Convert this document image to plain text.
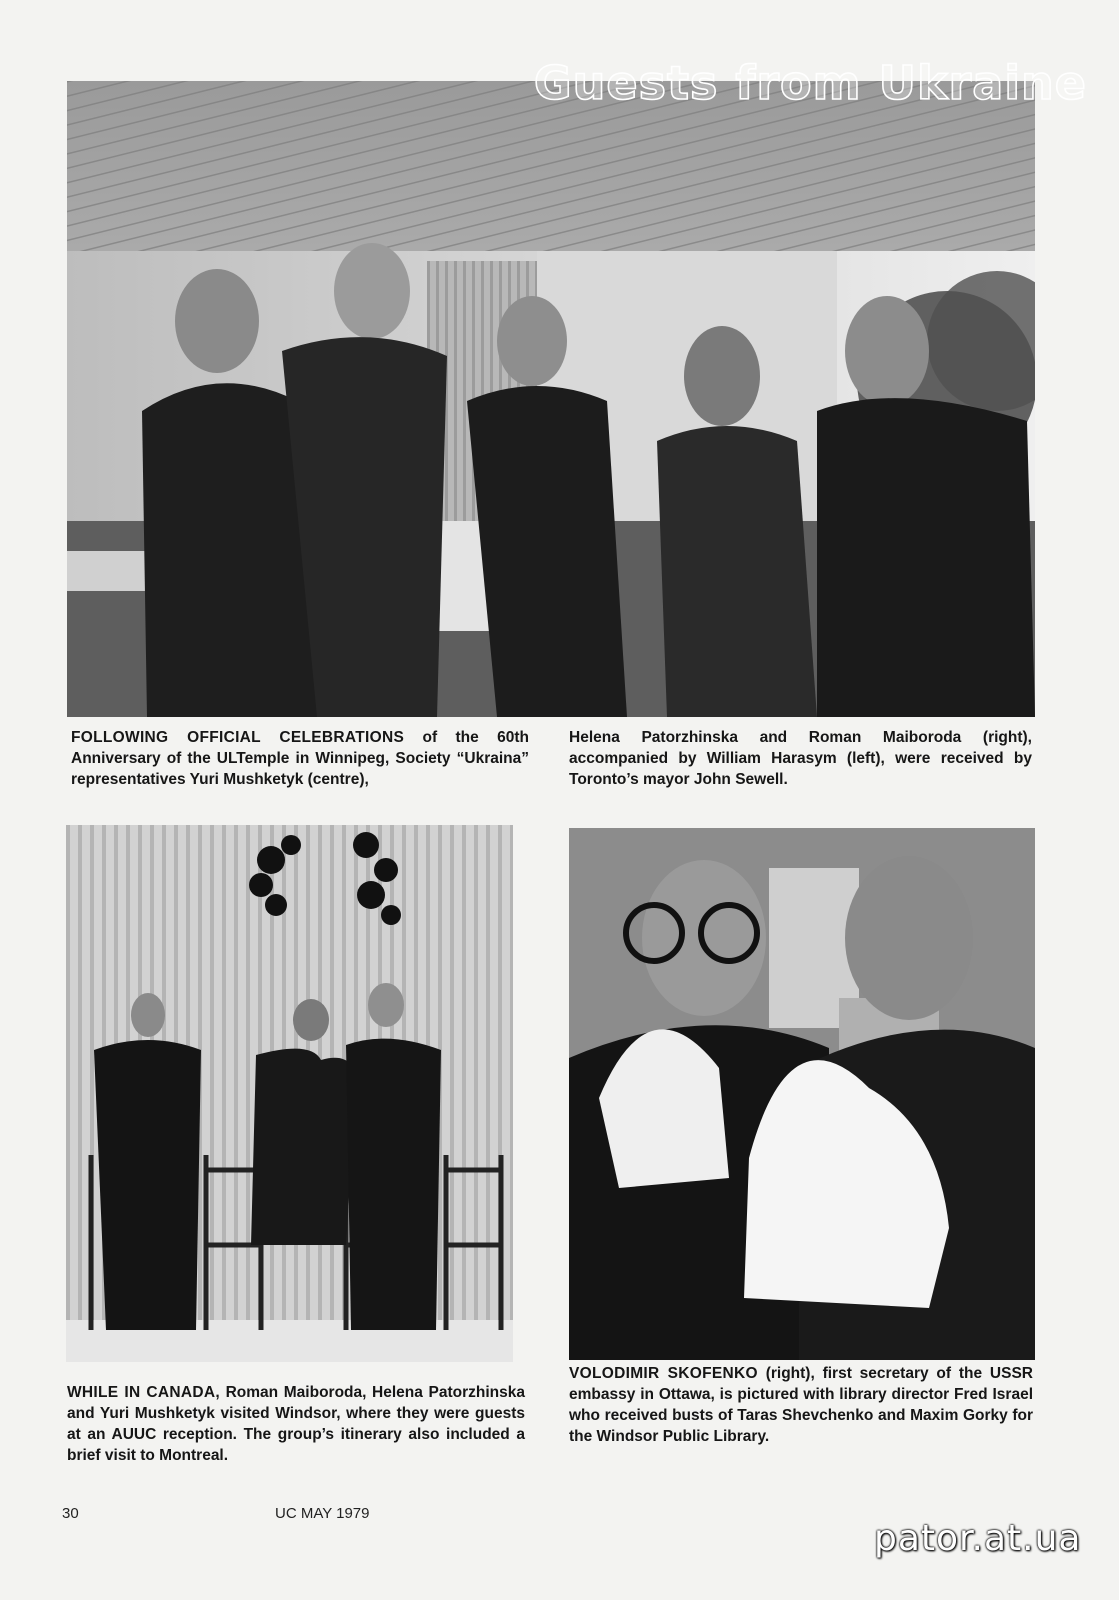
Guests from Ukraine

FOLLOWING OFFICIAL CELEBRATIONS of the 60th Anniversary of the ULTemple in Winnipeg, Society “Ukraina” representatives Yuri Mushketyk (centre),

Helena Patorzhinska and Roman Maiboroda (right), accompanied by William Harasym (left), were received by Toronto’s mayor John Sewell.

WHILE IN CANADA, Roman Maiboroda, Helena Patorzhinska and Yuri Mushketyk visited Windsor, where they were guests at an AUUC reception. The group’s itinerary also included a brief visit to Montreal.

VOLODIMIR SKOFENKO (right), first secretary of the USSR embassy in Ottawa, is pictured with library director Fred Israel who received busts of Taras Shevchenko and Maxim Gorky for the Windsor Public Library.

30	UC MAY 1979
pator.at.ua
